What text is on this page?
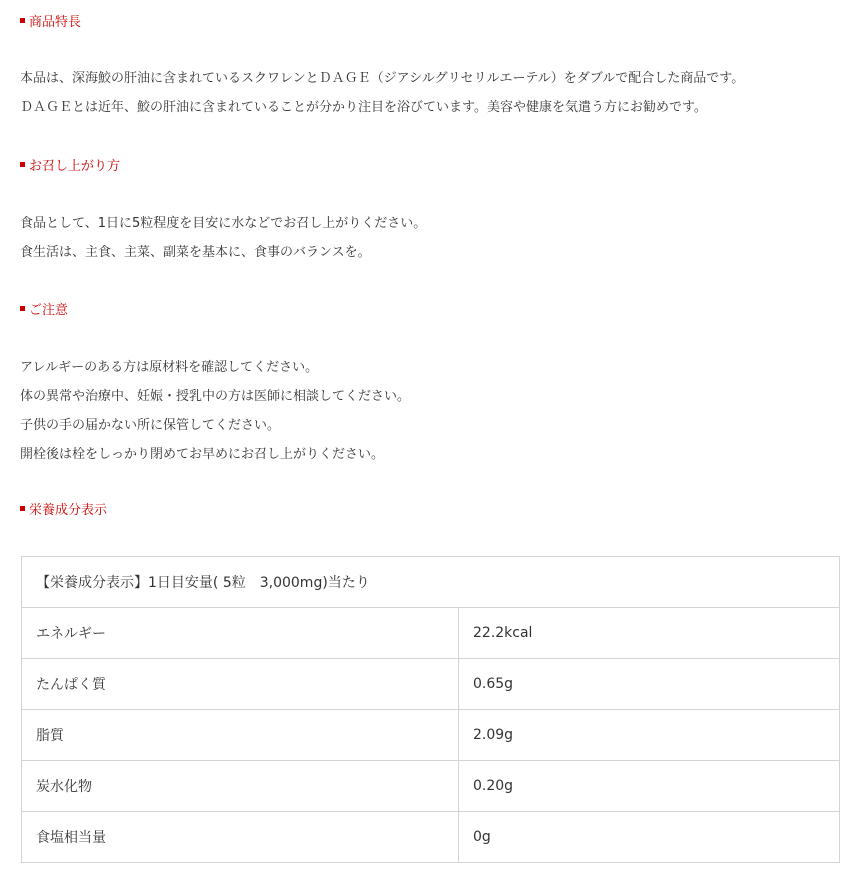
商品特長

本品は、深海鮫の肝油に含まれているスクワレンとＤＡＧＥ（ジアシルグリセリルエーテル）をダブルで配合した商品です。

ＤＡＧＥとは近年、鮫の肝油に含まれていることが分かり注目を浴びています。美容や健康を気遣う方にお勧めです。

お召し上がり方

食品として、1日に5粒程度を目安に水などでお召し上がりください。

食生活は、主食、主菜、副菜を基本に、食事のバランスを。

ご注意

アレルギーのある方は原材料を確認してください。

体の異常や治療中、妊娠・授乳中の方は医師に相談してください。

子供の手の届かない所に保管してください。

開栓後は栓をしっかり閉めてお早めにお召し上がりください。

栄養成分表示
【栄養成分表示】1日目安量( 5粒　3,000mg)当たり	
エネルギー	22.2kcal
たんぱく質	0.65g
脂質	2.09g
炭水化物	0.20g
食塩相当量	0g
